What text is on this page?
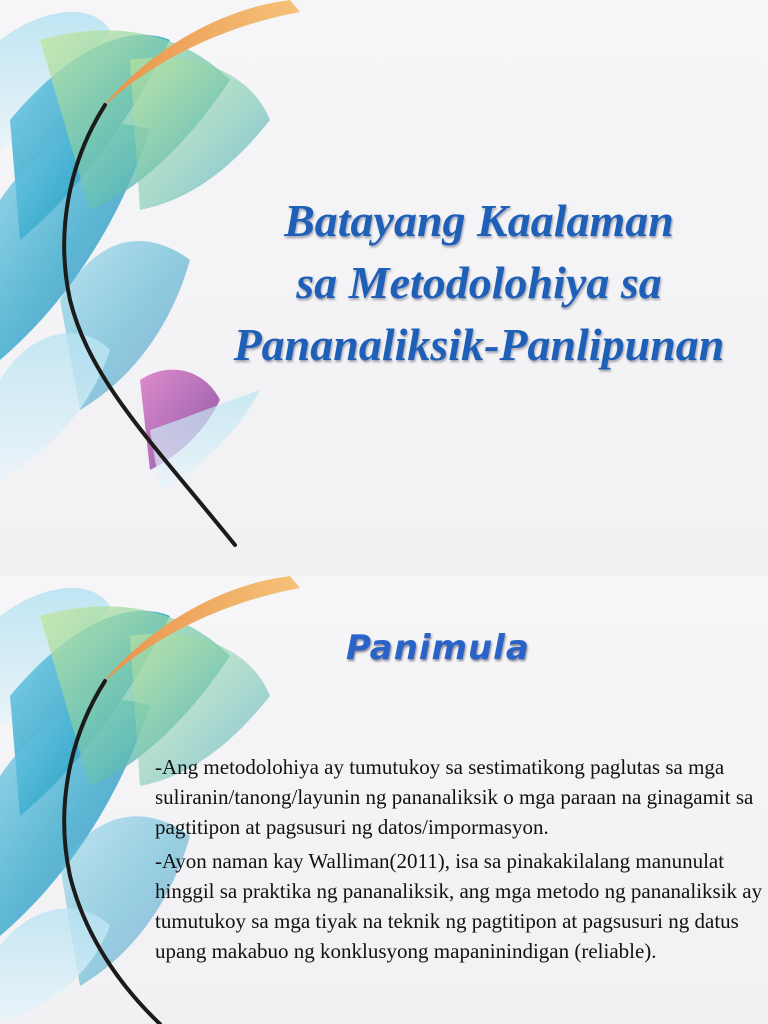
Batayang Kaalaman
sa Metodolohiya sa
Pananaliksik-Panlipunan
Panimula

-Ang metodolohiya ay tumutukoy sa sestimatikong paglutas sa mga suliranin/tanong/layunin ng pananaliksik o mga paraan na ginagamit sa pagtitipon at pagsusuri ng datos/impormasyon.

-Ayon naman kay Walliman(2011), isa sa pinakakilalang manunulat hinggil sa praktika ng pananaliksik, ang mga metodo ng pananaliksik ay tumutukoy sa mga tiyak na teknik ng pagtitipon at pagsusuri ng datus upang makabuo ng konklusyong mapaninindigan (reliable).
